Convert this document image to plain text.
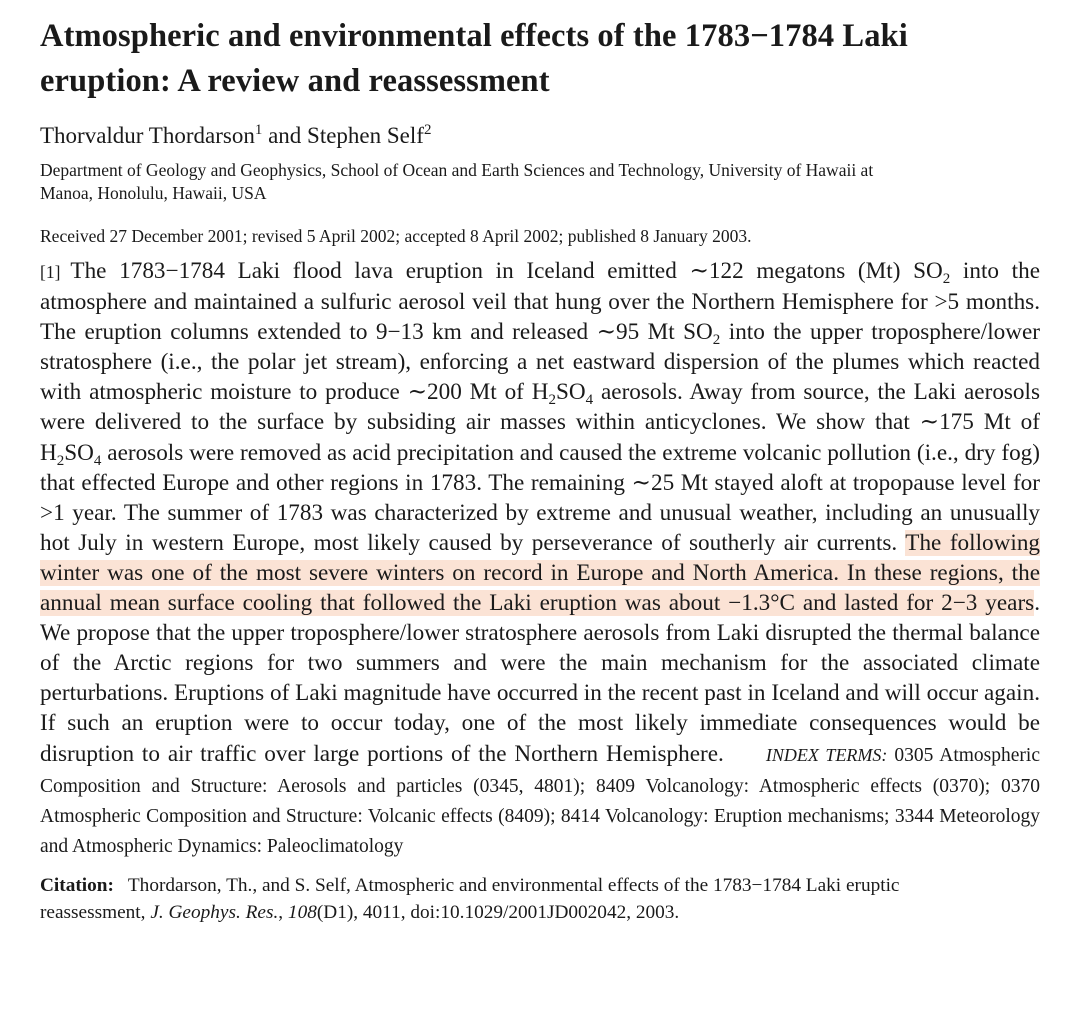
Atmospheric and environmental effects of the 1783−1784 Laki
eruption: A review and reassessment
Thorvaldur Thordarson$^1$ and Stephen Self$^2$
Department of Geology and Geophysics, School of Ocean and Earth Sciences and Technology, University of Hawaii at
Manoa, Honolulu, Hawaii, USA
Received 27 December 2001; revised 5 April 2002; accepted 8 April 2002; published 8 January 2003.
[1] The 1783−1784 Laki flood lava eruption in Iceland emitted ∼122 megatons (Mt) $SO_2$ into the atmosphere and maintained a sulfuric aerosol veil that hung over the Northern Hemisphere for >5 months. The eruption columns extended to 9−13 km and released ∼95 Mt $SO_2$ into the upper troposphere/lower stratosphere (i.e., the polar jet stream), enforcing a net eastward dispersion of the plumes which reacted with atmospheric moisture to produce ∼200 Mt of $H_2SO_4$ aerosols. Away from source, the Laki aerosols were delivered to the surface by subsiding air masses within anticyclones. We show that ∼175 Mt of $H_2SO_4$ aerosols were removed as acid precipitation and caused the extreme volcanic pollution (i.e., dry fog) that effected Europe and other regions in 1783. The remaining ∼25 Mt stayed aloft at tropopause level for >1 year. The summer of 1783 was characterized by extreme and unusual weather, including an unusually hot July in western Europe, most likely caused by perseverance of southerly air currents. The following winter was one of the most severe winters on record in Europe and North America. In these regions, the annual mean surface cooling that followed the Laki eruption was about −1.3°C and lasted for 2−3 years. We propose that the upper troposphere/lower stratosphere aerosols from Laki disrupted the thermal balance of the Arctic regions for two summers and were the main mechanism for the associated climate perturbations. Eruptions of Laki magnitude have occurred in the recent past in Iceland and will occur again. If such an eruption were to occur today, one of the most likely immediate consequences would be disruption to air traffic over large portions of the Northern Hemisphere. INDEX TERMS: 0305 Atmospheric Composition and Structure: Aerosols and particles (0345, 4801); 8409 Volcanology: Atmospheric effects (0370); 0370 Atmospheric Composition and Structure: Volcanic effects (8409); 8414 Volcanology: Eruption mechanisms; 3344 Meteorology and Atmospheric Dynamics: Paleoclimatology
Citation: Thordarson, Th., and S. Self, Atmospheric and environmental effects of the 1783−1784 Laki eruptic
reassessment, J. Geophys. Res., 108(D1), 4011, doi:10.1029/2001JD002042, 2003.
